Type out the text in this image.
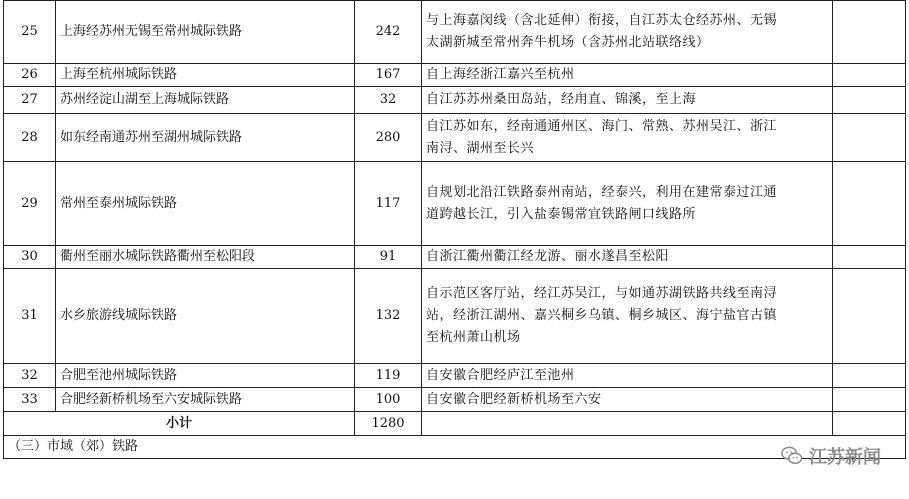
25	上海经苏州无锡至常州城际铁路	242	与上海嘉闵线（含北延伸）衔接，自江苏太仓经苏州、无锡
太湖新城至常州奔牛机场（含苏州北站联络线）	

26	上海至杭州城际铁路	167	自上海经浙江嘉兴至杭州	

27	苏州经淀山湖至上海城际铁路	32	自江苏苏州桑田岛站，经甪直、锦溪，至上海	

28	如东经南通苏州至湖州城际铁路	280	自江苏如东，经南通通州区、海门、常熟、苏州吴江、浙江
南浔、湖州至长兴	

29	常州至泰州城际铁路	117	自规划北沿江铁路泰州南站，经泰兴，利用在建常泰过江通
道跨越长江，引入盐泰锡常宜铁路闸口线路所	

30	衢州至丽水城际铁路衢州至松阳段	91	自浙江衢州衢江经龙游、丽水遂昌至松阳	

31	水乡旅游线城际铁路	132	自示范区客厅站，经江苏吴江，与如通苏湖铁路共线至南浔
站，经浙江湖州、嘉兴桐乡乌镇、桐乡城区、海宁盐官古镇
至杭州萧山机场	

32	合肥至池州城际铁路	119	自安徽合肥经庐江至池州	

33	合肥经新桥机场至六安城际铁路	100	自安徽合肥经新桥机场至六安	

小计		1280		
（三）市域（郊）铁路				
江苏新闻
